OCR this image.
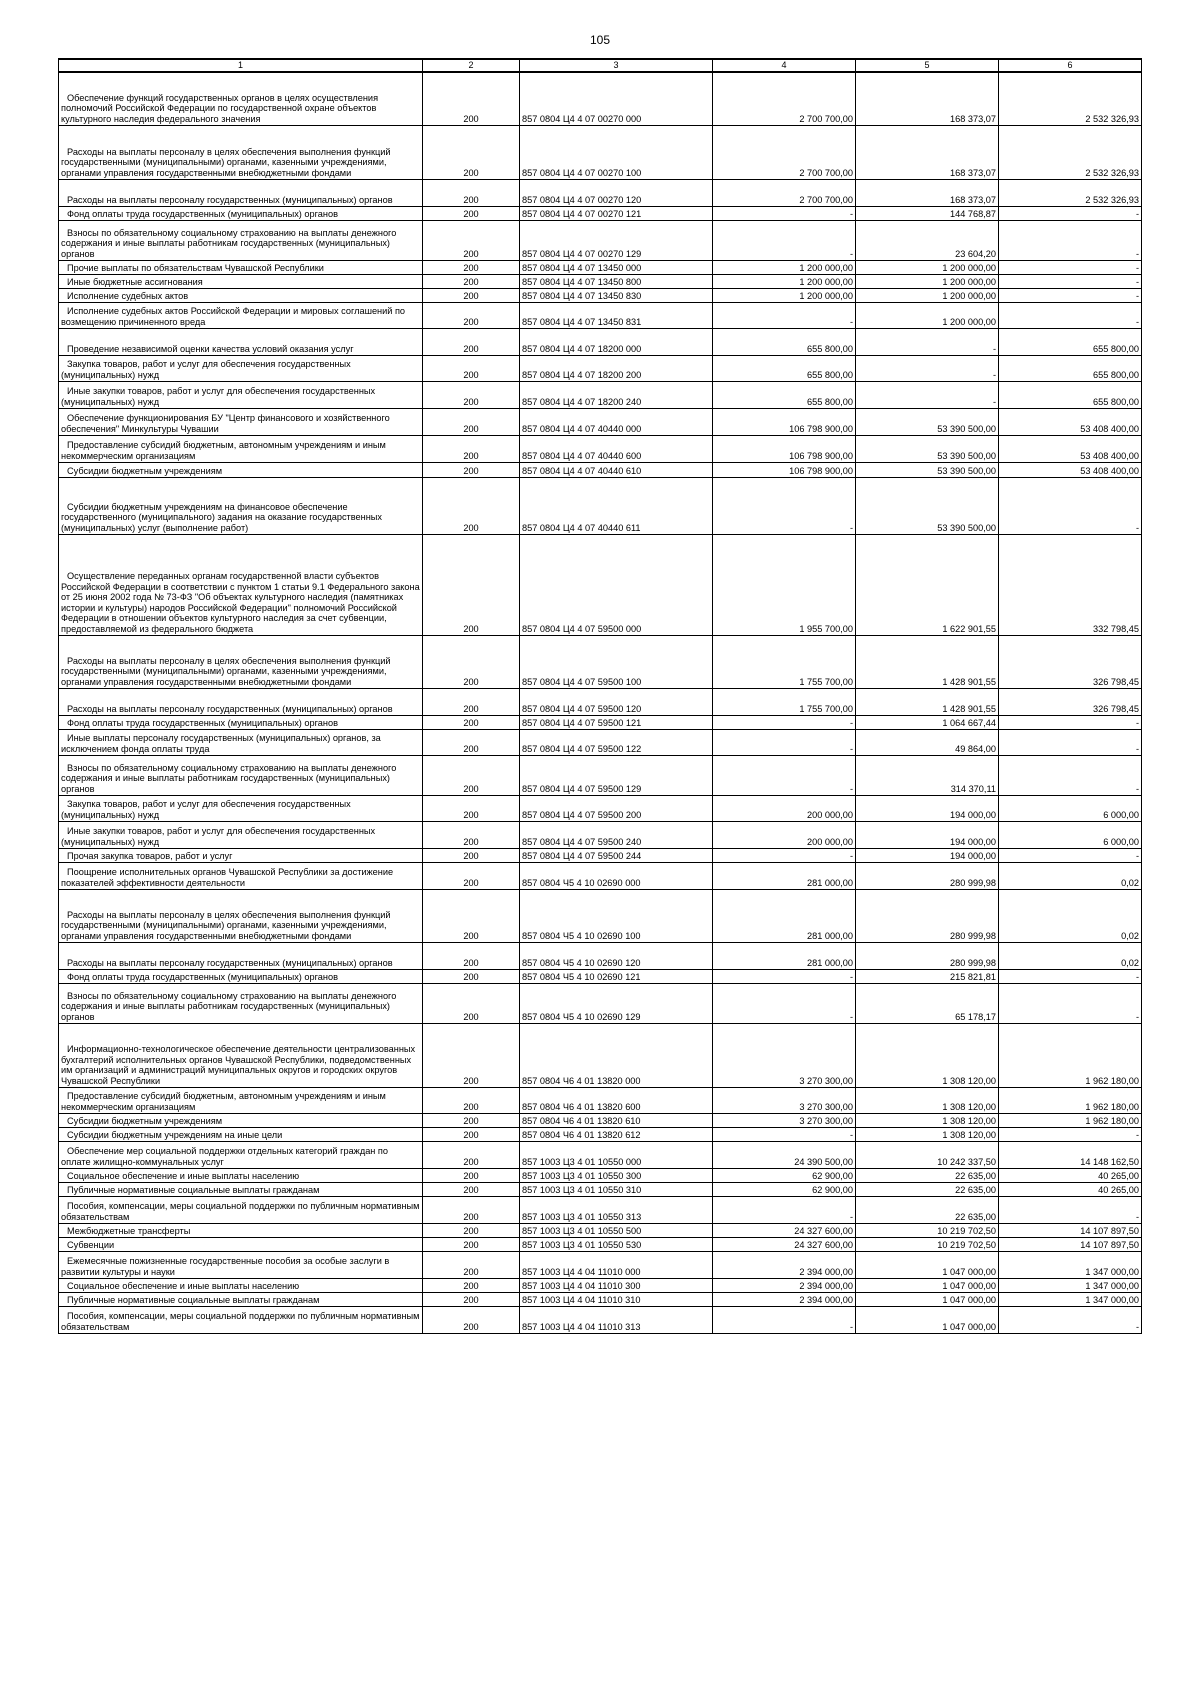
105
1	2	3	4	5	6
Обеспечение функций государственных органов в целях осуществления полномочий Российской Федерации по государственной охране объектов культурного наследия федерального значения	200	857 0804 Ц4 4 07 00270 000	2 700 700,00	168 373,07	2 532 326,93
Расходы на выплаты персоналу в целях обеспечения выполнения функций государственными (муниципальными) органами, казенными учреждениями, органами управления государственными внебюджетными фондами	200	857 0804 Ц4 4 07 00270 100	2 700 700,00	168 373,07	2 532 326,93
Расходы на выплаты персоналу государственных (муниципальных) органов	200	857 0804 Ц4 4 07 00270 120	2 700 700,00	168 373,07	2 532 326,93
Фонд оплаты труда государственных (муниципальных) органов	200	857 0804 Ц4 4 07 00270 121	-	144 768,87	-
Взносы по обязательному социальному страхованию на выплаты денежного содержания и иные выплаты работникам государственных (муниципальных) органов	200	857 0804 Ц4 4 07 00270 129	-	23 604,20	-
Прочие выплаты по обязательствам Чувашской Республики	200	857 0804 Ц4 4 07 13450 000	1 200 000,00	1 200 000,00	-
Иные бюджетные ассигнования	200	857 0804 Ц4 4 07 13450 800	1 200 000,00	1 200 000,00	-
Исполнение судебных актов	200	857 0804 Ц4 4 07 13450 830	1 200 000,00	1 200 000,00	-
Исполнение судебных актов Российской Федерации и мировых соглашений по возмещению причиненного вреда	200	857 0804 Ц4 4 07 13450 831	-	1 200 000,00	-
Проведение независимой оценки качества условий оказания услуг	200	857 0804 Ц4 4 07 18200 000	655 800,00	-	655 800,00
Закупка товаров, работ и услуг для обеспечения государственных (муниципальных) нужд	200	857 0804 Ц4 4 07 18200 200	655 800,00	-	655 800,00
Иные закупки товаров, работ и услуг для обеспечения государственных (муниципальных) нужд	200	857 0804 Ц4 4 07 18200 240	655 800,00	-	655 800,00
Обеспечение функционирования БУ "Центр финансового и хозяйственного обеспечения" Минкультуры Чувашии	200	857 0804 Ц4 4 07 40440 000	106 798 900,00	53 390 500,00	53 408 400,00
Предоставление субсидий бюджетным, автономным учреждениям и иным некоммерческим организациям	200	857 0804 Ц4 4 07 40440 600	106 798 900,00	53 390 500,00	53 408 400,00
Субсидии бюджетным учреждениям	200	857 0804 Ц4 4 07 40440 610	106 798 900,00	53 390 500,00	53 408 400,00
Субсидии бюджетным учреждениям на финансовое обеспечение государственного (муниципального) задания на оказание государственных (муниципальных) услуг (выполнение работ)	200	857 0804 Ц4 4 07 40440 611	-	53 390 500,00	-
Осуществление переданных органам государственной власти субъектов Российской Федерации в соответствии с пунктом 1 статьи 9.1 Федерального закона от 25 июня 2002 года № 73-ФЗ "Об объектах культурного наследия (памятниках истории и культуры) народов Российской Федерации" полномочий Российской Федерации в отношении объектов культурного наследия за счет субвенции, предоставляемой из федерального бюджета	200	857 0804 Ц4 4 07 59500 000	1 955 700,00	1 622 901,55	332 798,45
Расходы на выплаты персоналу в целях обеспечения выполнения функций государственными (муниципальными) органами, казенными учреждениями, органами управления государственными внебюджетными фондами	200	857 0804 Ц4 4 07 59500 100	1 755 700,00	1 428 901,55	326 798,45
Расходы на выплаты персоналу государственных (муниципальных) органов	200	857 0804 Ц4 4 07 59500 120	1 755 700,00	1 428 901,55	326 798,45
Фонд оплаты труда государственных (муниципальных) органов	200	857 0804 Ц4 4 07 59500 121	-	1 064 667,44	-
Иные выплаты персоналу государственных (муниципальных) органов, за исключением фонда оплаты труда	200	857 0804 Ц4 4 07 59500 122	-	49 864,00	-
Взносы по обязательному социальному страхованию на выплаты денежного содержания и иные выплаты работникам государственных (муниципальных) органов	200	857 0804 Ц4 4 07 59500 129	-	314 370,11	-
Закупка товаров, работ и услуг для обеспечения государственных (муниципальных) нужд	200	857 0804 Ц4 4 07 59500 200	200 000,00	194 000,00	6 000,00
Иные закупки товаров, работ и услуг для обеспечения государственных (муниципальных) нужд	200	857 0804 Ц4 4 07 59500 240	200 000,00	194 000,00	6 000,00
Прочая закупка товаров, работ и услуг	200	857 0804 Ц4 4 07 59500 244	-	194 000,00	-
Поощрение исполнительных органов Чувашской Республики за достижение показателей эффективности деятельности	200	857 0804 Ч5 4 10 02690 000	281 000,00	280 999,98	0,02
Расходы на выплаты персоналу в целях обеспечения выполнения функций государственными (муниципальными) органами, казенными учреждениями, органами управления государственными внебюджетными фондами	200	857 0804 Ч5 4 10 02690 100	281 000,00	280 999,98	0,02
Расходы на выплаты персоналу государственных (муниципальных) органов	200	857 0804 Ч5 4 10 02690 120	281 000,00	280 999,98	0,02
Фонд оплаты труда государственных (муниципальных) органов	200	857 0804 Ч5 4 10 02690 121	-	215 821,81	-
Взносы по обязательному социальному страхованию на выплаты денежного содержания и иные выплаты работникам государственных (муниципальных) органов	200	857 0804 Ч5 4 10 02690 129	-	65 178,17	-
Информационно-технологическое обеспечение деятельности централизованных бухгалтерий исполнительных органов Чувашской Республики, подведомственных им организаций и администраций муниципальных округов и городских округов Чувашской Республики	200	857 0804 Ч6 4 01 13820 000	3 270 300,00	1 308 120,00	1 962 180,00
Предоставление субсидий бюджетным, автономным учреждениям и иным некоммерческим организациям	200	857 0804 Ч6 4 01 13820 600	3 270 300,00	1 308 120,00	1 962 180,00
Субсидии бюджетным учреждениям	200	857 0804 Ч6 4 01 13820 610	3 270 300,00	1 308 120,00	1 962 180,00
Субсидии бюджетным учреждениям на иные цели	200	857 0804 Ч6 4 01 13820 612	-	1 308 120,00	-
Обеспечение мер социальной поддержки отдельных категорий граждан по оплате жилищно-коммунальных услуг	200	857 1003 Ц3 4 01 10550 000	24 390 500,00	10 242 337,50	14 148 162,50
Социальное обеспечение и иные выплаты населению	200	857 1003 Ц3 4 01 10550 300	62 900,00	22 635,00	40 265,00
Публичные нормативные социальные выплаты гражданам	200	857 1003 Ц3 4 01 10550 310	62 900,00	22 635,00	40 265,00
Пособия, компенсации, меры социальной поддержки по публичным нормативным обязательствам	200	857 1003 Ц3 4 01 10550 313	-	22 635,00	-
Межбюджетные трансферты	200	857 1003 Ц3 4 01 10550 500	24 327 600,00	10 219 702,50	14 107 897,50
Субвенции	200	857 1003 Ц3 4 01 10550 530	24 327 600,00	10 219 702,50	14 107 897,50
Ежемесячные пожизненные государственные пособия за особые заслуги в развитии культуры и науки	200	857 1003 Ц4 4 04 11010 000	2 394 000,00	1 047 000,00	1 347 000,00
Социальное обеспечение и иные выплаты населению	200	857 1003 Ц4 4 04 11010 300	2 394 000,00	1 047 000,00	1 347 000,00
Публичные нормативные социальные выплаты гражданам	200	857 1003 Ц4 4 04 11010 310	2 394 000,00	1 047 000,00	1 347 000,00
Пособия, компенсации, меры социальной поддержки по публичным нормативным обязательствам	200	857 1003 Ц4 4 04 11010 313	-	1 047 000,00	-
